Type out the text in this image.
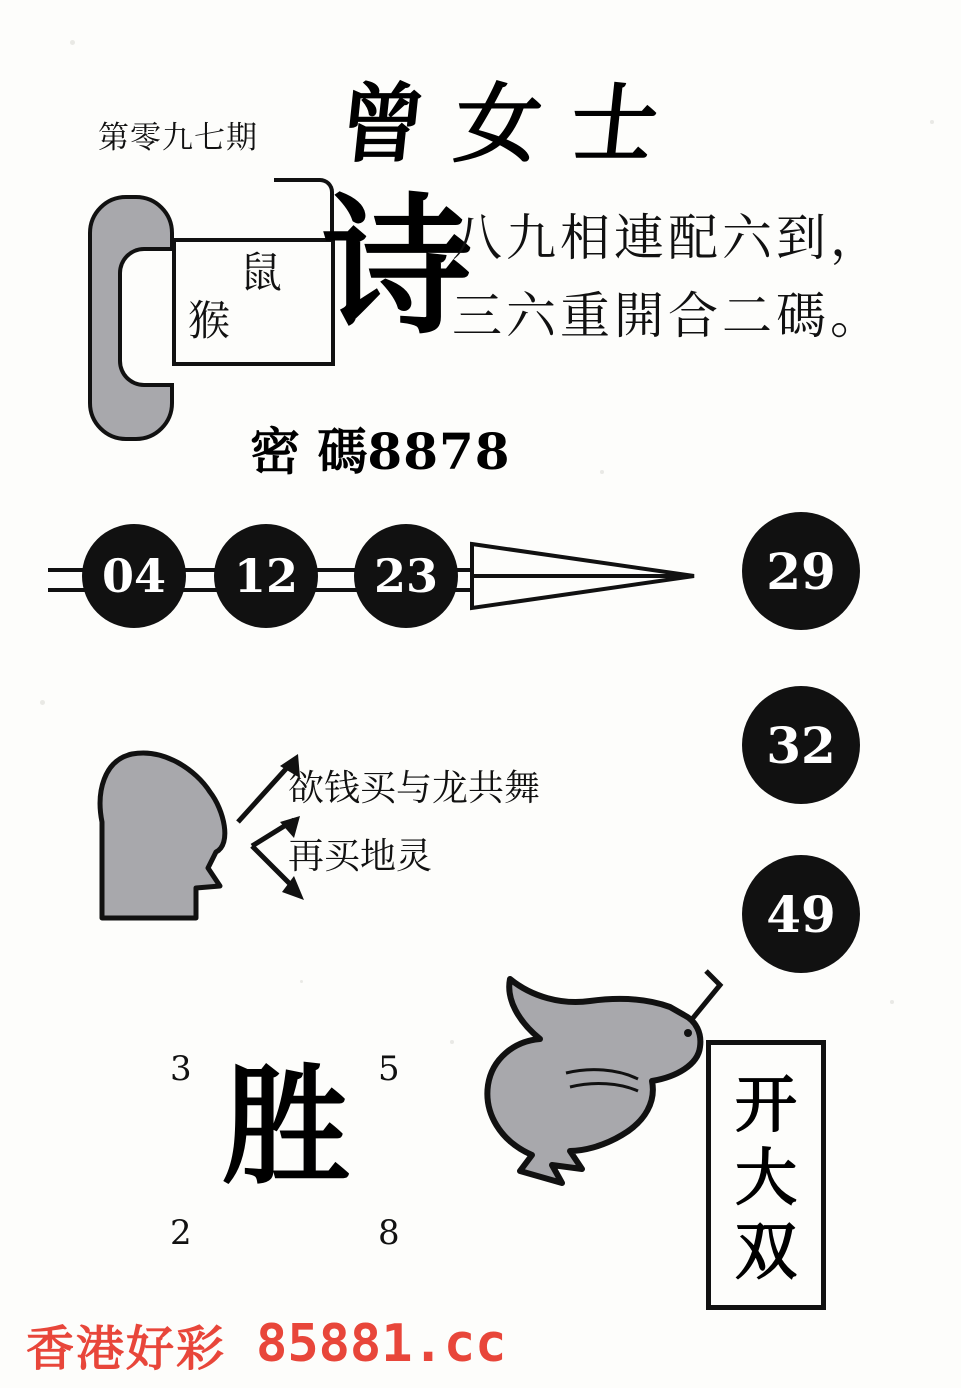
第零九七期 曾女士
鼠
猴 诗
八九相連配六到，
三六重開合二碼。
密 碼8878
04	12	23	29
32
49
欲钱买与龙共舞
再买地灵
3	5
2	8
胜	开
大
双
香港好彩 85881.cc
